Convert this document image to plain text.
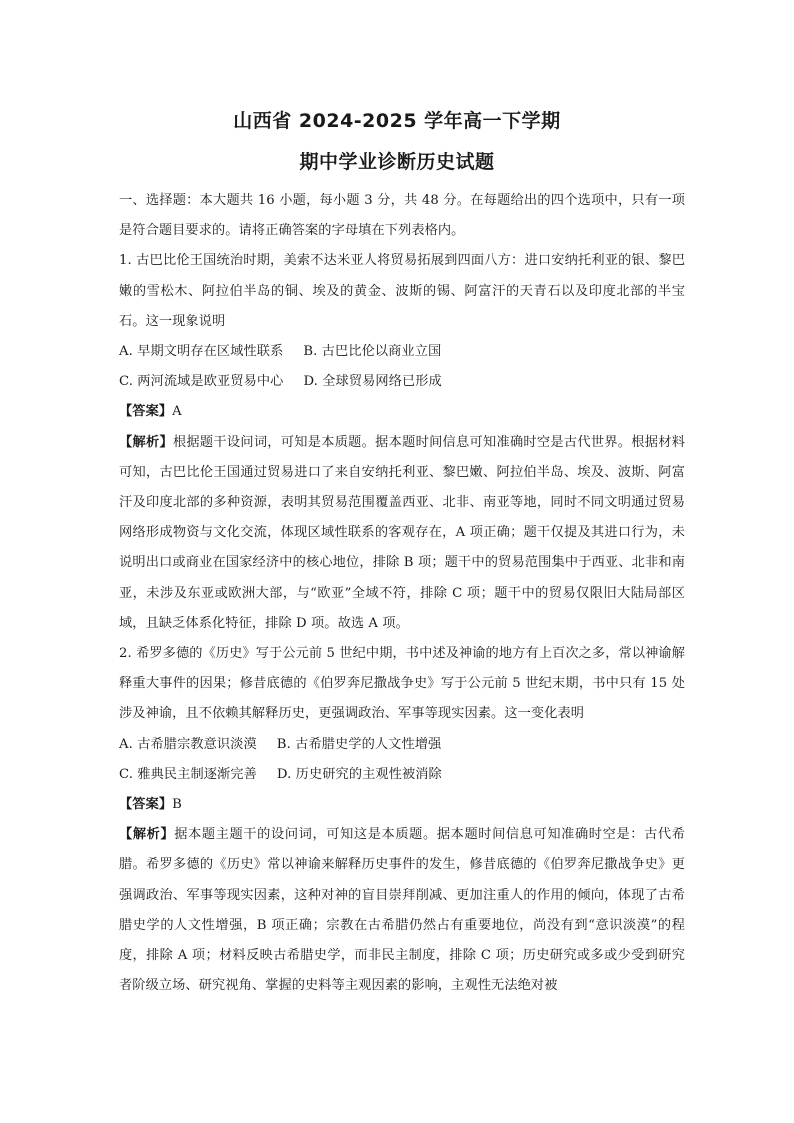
山西省 2024-2025 学年高一下学期
期中学业诊断历史试题

一、选择题：本大题共 16 小题，每小题 3 分，共 48 分。在每题给出的四个选项中，只有一项是符合题目要求的。请将正确答案的字母填在下列表格内。

1. 古巴比伦王国统治时期，美索不达米亚人将贸易拓展到四面八方：进口安纳托利亚的银、黎巴嫩的雪松木、阿拉伯半岛的铜、埃及的黄金、波斯的锡、阿富汗的天青石以及印度北部的半宝石。这一现象说明

A. 早期文明存在区域性联系 B. 古巴比伦以商业立国
C. 两河流域是欧亚贸易中心 D. 全球贸易网络已形成

【答案】A

【解析】根据题干设问词，可知是本质题。据本题时间信息可知准确时空是古代世界。根据材料可知，古巴比伦王国通过贸易进口了来自安纳托利亚、黎巴嫩、阿拉伯半岛、埃及、波斯、阿富汗及印度北部的多种资源，表明其贸易范围覆盖西亚、北非、南亚等地，同时不同文明通过贸易网络形成物资与文化交流，体现区域性联系的客观存在，A 项正确；题干仅提及其进口行为，未说明出口或商业在国家经济中的核心地位，排除 B 项；题干中的贸易范围集中于西亚、北非和南亚，未涉及东亚或欧洲大部，与“欧亚”全域不符，排除 C 项；题干中的贸易仅限旧大陆局部区域，且缺乏体系化特征，排除 D 项。故选 A 项。

2. 希罗多德的《历史》写于公元前 5 世纪中期，书中述及神谕的地方有上百次之多，常以神谕解释重大事件的因果；修昔底德的《伯罗奔尼撒战争史》写于公元前 5 世纪末期，书中只有 15 处涉及神谕，且不依赖其解释历史，更强调政治、军事等现实因素。这一变化表明

A. 古希腊宗教意识淡漠 B. 古希腊史学的人文性增强
C. 雅典民主制逐渐完善 D. 历史研究的主观性被消除

【答案】B

【解析】据本题主题干的设问词，可知这是本质题。据本题时间信息可知准确时空是：古代希腊。希罗多德的《历史》常以神谕来解释历史事件的发生，修昔底德的《伯罗奔尼撒战争史》更强调政治、军事等现实因素，这种对神的盲目崇拜削减、更加注重人的作用的倾向，体现了古希腊史学的人文性增强，B 项正确；宗教在古希腊仍然占有重要地位，尚没有到“意识淡漠”的程度，排除 A 项；材料反映古希腊史学，而非民主制度，排除 C 项；历史研究或多或少受到研究者阶级立场、研究视角、掌握的史料等主观因素的影响，主观性无法绝对被
